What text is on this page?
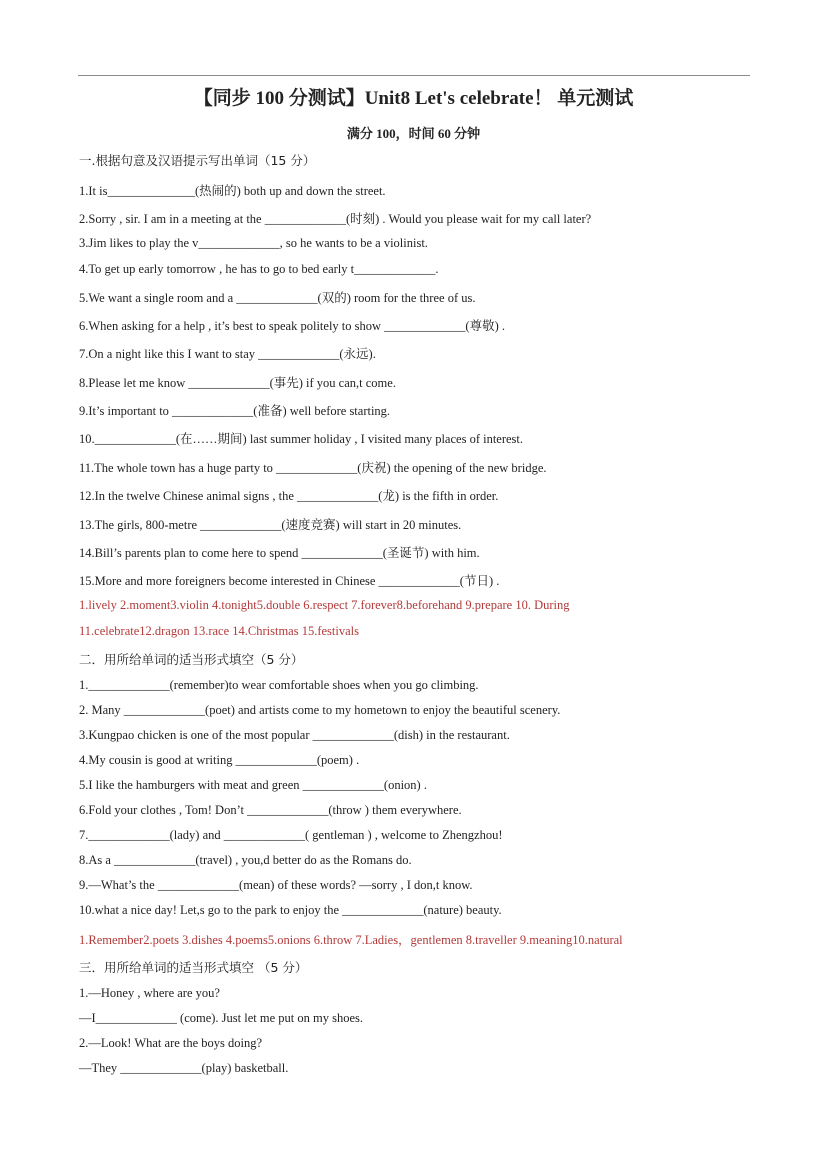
【同步 100 分测试】Unit8 Let's celebrate！ 单元测试
满分 100，时间 60 分钟
一.根据句意及汉语提示写出单词（15 分）
1.It is______________(热闹的) both up and down the street.
2.Sorry , sir. I am in a meeting at the _____________(时刻) . Would you please wait for my call later?
3.Jim likes to play the v_____________, so he wants to be a violinist.
4.To get up early tomorrow , he has to go to bed early t_____________.
5.We want a single room and a _____________(双的) room for the three of us.
6.When asking for a help , it’s best to speak politely to show _____________(尊敬) .
7.On a night like this I want to stay _____________(永远).
8.Please let me know _____________(事先) if you can,t come.
9.It’s important to _____________(准备) well before starting.
10._____________(在……期间) last summer holiday , I visited many places of interest.
11.The whole town has a huge party to _____________(庆祝) the opening of the new bridge.
12.In the twelve Chinese animal signs , the _____________(龙) is the fifth in order.
13.The girls, 800-metre _____________(速度竞赛) will start in 20 minutes.
14.Bill’s parents plan to come here to spend _____________(圣诞节) with him.
15.More and more foreigners become interested in Chinese _____________(节日) .
1.lively 2.moment3.violin 4.tonight5.double 6.respect 7.forever8.beforehand 9.prepare 10. During
11.celebrate12.dragon 13.race 14.Christmas 15.festivals
二．用所给单词的适当形式填空（5 分）
1._____________(remember)to wear comfortable shoes when you go climbing.
2. Many _____________(poet) and artists come to my hometown to enjoy the beautiful scenery.
3.Kungpao chicken is one of the most popular _____________(dish) in the restaurant.
4.My cousin is good at writing _____________(poem) .
5.I like the hamburgers with meat and green _____________(onion) .
6.Fold your clothes , Tom! Don’t _____________(throw ) them everywhere.
7._____________(lady) and _____________( gentleman ) , welcome to Zhengzhou!
8.As a _____________(travel) , you,d better do as the Romans do.
9.—What’s the _____________(mean) of these words? —sorry , I don,t know.
10.what a nice day! Let,s go to the park to enjoy the _____________(nature) beauty.
1.Remember2.poets 3.dishes 4.poems5.onions 6.throw 7.Ladies，gentlemen 8.traveller 9.meaning10.natural
三．用所给单词的适当形式填空 （5 分）
1.—Honey , where are you?
—I_____________ (come). Just let me put on my shoes.
2.—Look! What are the boys doing?
—They _____________(play) basketball.
